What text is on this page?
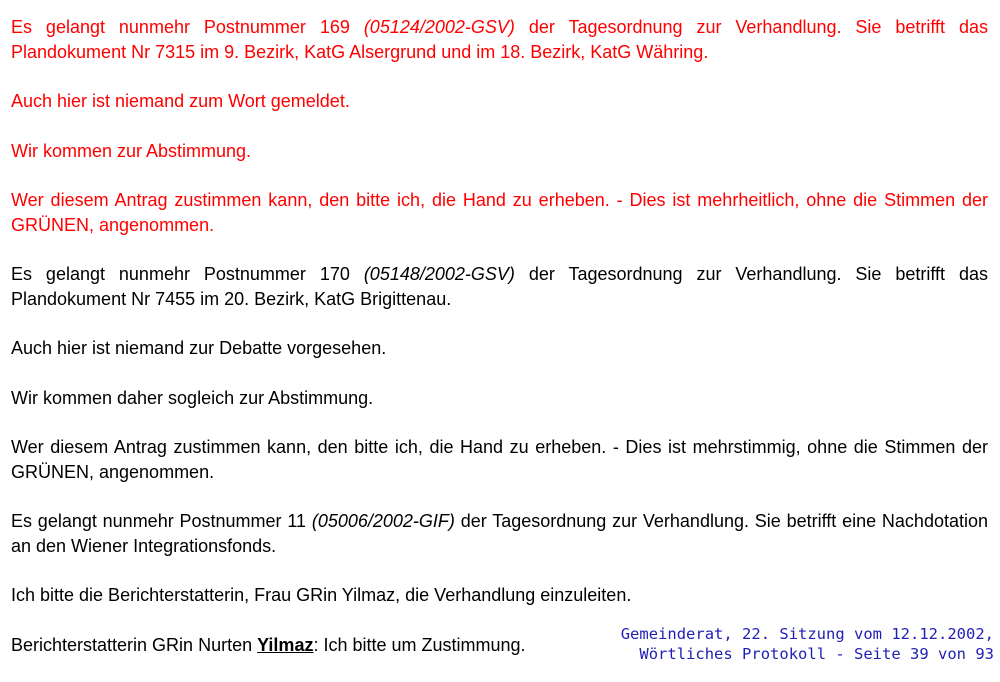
Es gelangt nunmehr Postnummer 169 (05124/2002-GSV) der Tagesordnung zur Verhandlung. Sie betrifft das Plandokument Nr 7315 im 9. Bezirk, KatG Alsergrund und im 18. Bezirk, KatG Währing.

Auch hier ist niemand zum Wort gemeldet.

Wir kommen zur Abstimmung.

Wer diesem Antrag zustimmen kann, den bitte ich, die Hand zu erheben. - Dies ist mehrheitlich, ohne die Stimmen der GRÜNEN, angenommen.

Es gelangt nunmehr Postnummer 170 (05148/2002-GSV) der Tagesordnung zur Verhandlung. Sie betrifft das Plandokument Nr 7455 im 20. Bezirk, KatG Brigittenau.

Auch hier ist niemand zur Debatte vorgesehen.

Wir kommen daher sogleich zur Abstimmung.

Wer diesem Antrag zustimmen kann, den bitte ich, die Hand zu erheben. - Dies ist mehrstimmig, ohne die Stimmen der GRÜNEN, angenommen.

Es gelangt nunmehr Postnummer 11 (05006/2002-GIF) der Tagesordnung zur Verhandlung. Sie betrifft eine Nachdotation an den Wiener Integrationsfonds.

Ich bitte die Berichterstatterin, Frau GRin Yilmaz, die Verhandlung einzuleiten.

Berichterstatterin GRin Nurten Yilmaz: Ich bitte um Zustimmung.

Gemeinderat, 22. Sitzung vom 12.12.2002,
Wörtliches Protokoll - Seite 39 von 93
